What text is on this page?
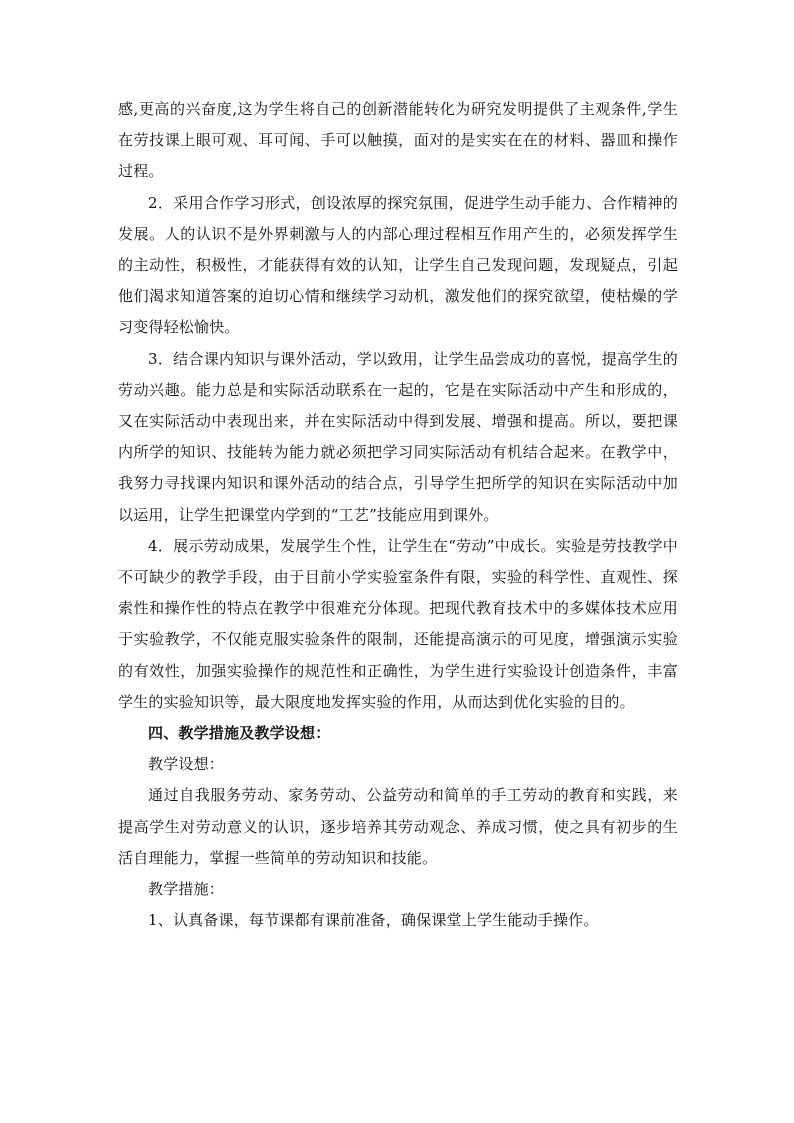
感,更高的兴奋度,这为学生将自己的创新潜能转化为研究发明提供了主观条件,学生在劳技课上眼可观、耳可闻、手可以触摸，面对的是实实在在的材料、器皿和操作过程。

2．采用合作学习形式，创设浓厚的探究氛围，促进学生动手能力、合作精神的发展。人的认识不是外界刺激与人的内部心理过程相互作用产生的，必须发挥学生的主动性，积极性，才能获得有效的认知，让学生自己发现问题，发现疑点，引起他们渴求知道答案的迫切心情和继续学习动机，激发他们的探究欲望，使枯燥的学习变得轻松愉快。

3．结合课内知识与课外活动，学以致用，让学生品尝成功的喜悦，提高学生的劳动兴趣。能力总是和实际活动联系在一起的，它是在实际活动中产生和形成的，又在实际活动中表现出来，并在实际活动中得到发展、增强和提高。所以，要把课内所学的知识、技能转为能力就必须把学习同实际活动有机结合起来。在教学中，我努力寻找课内知识和课外活动的结合点，引导学生把所学的知识在实际活动中加以运用，让学生把课堂内学到的“工艺”技能应用到课外。

4．展示劳动成果，发展学生个性，让学生在“劳动”中成长。实验是劳技教学中不可缺少的教学手段，由于目前小学实验室条件有限，实验的科学性、直观性、探索性和操作性的特点在教学中很难充分体现。把现代教育技术中的多媒体技术应用于实验教学，不仅能克服实验条件的限制，还能提高演示的可见度，增强演示实验的有效性，加强实验操作的规范性和正确性，为学生进行实验设计创造条件，丰富学生的实验知识等，最大限度地发挥实验的作用，从而达到优化实验的目的。

四、教学措施及教学设想：

教学设想：

通过自我服务劳动、家务劳动、公益劳动和简单的手工劳动的教育和实践，来提高学生对劳动意义的认识，逐步培养其劳动观念、养成习惯，使之具有初步的生活自理能力，掌握一些简单的劳动知识和技能。

教学措施：

1、认真备课，每节课都有课前准备，确保课堂上学生能动手操作。
